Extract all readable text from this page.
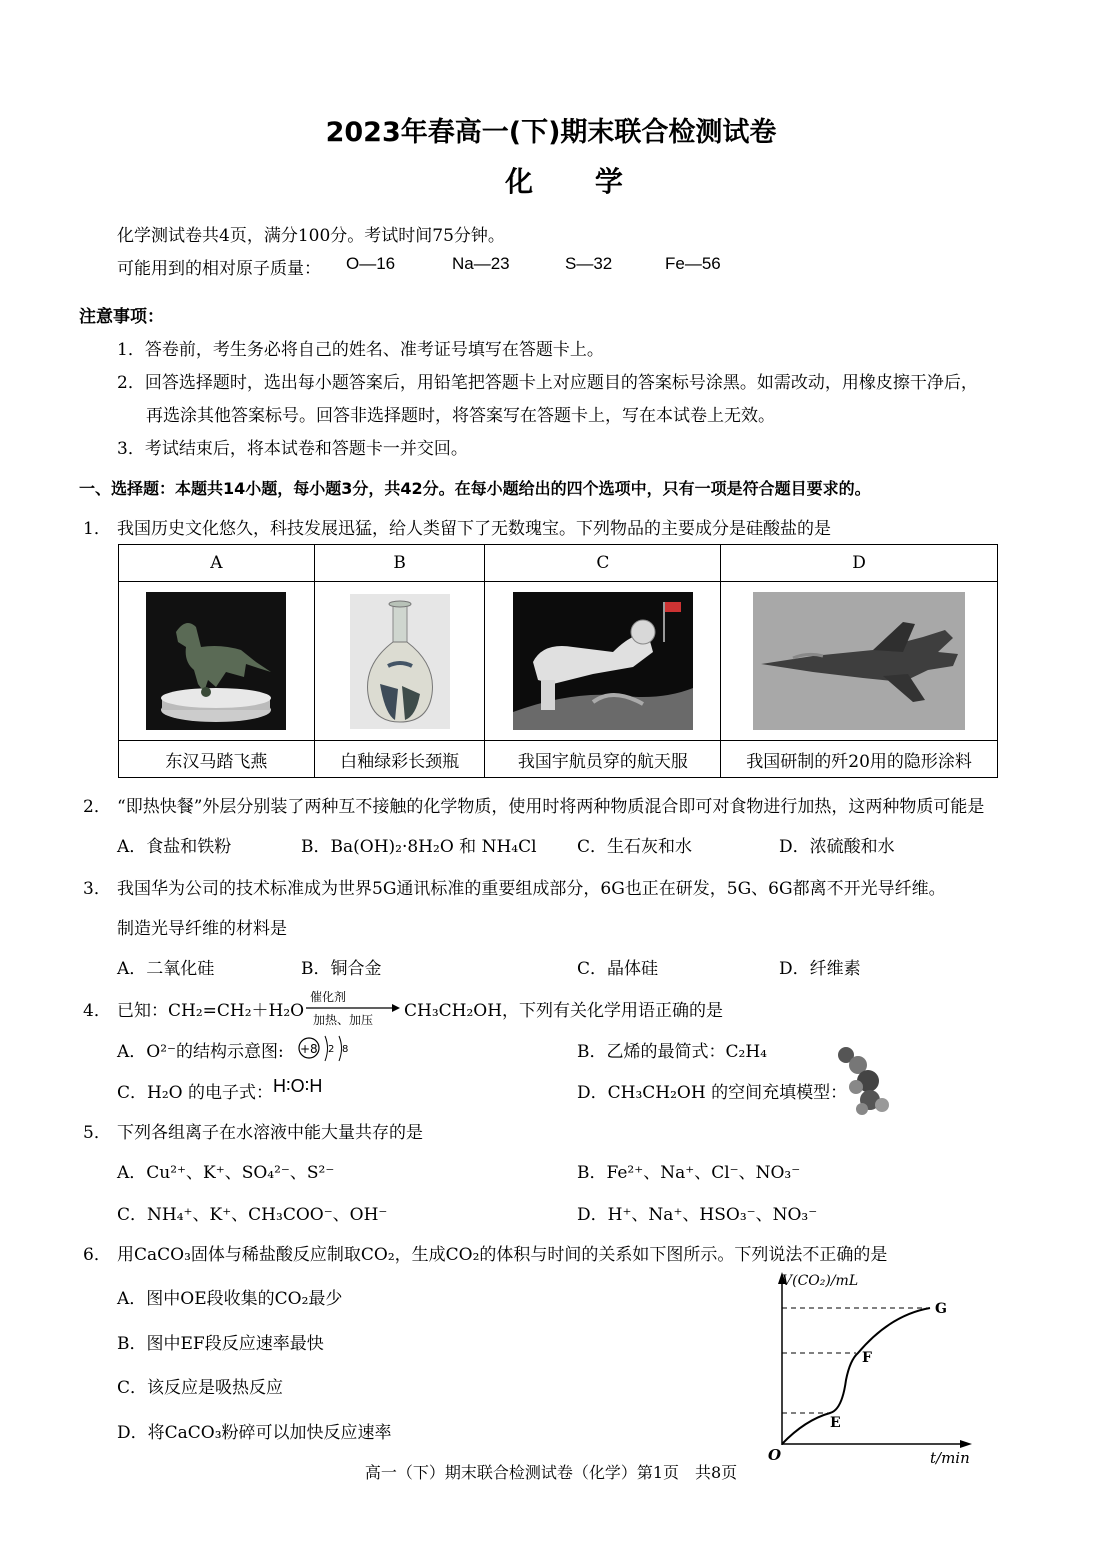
2023年春高一(下)期末联合检测试卷
化 学
化学测试卷共4页，满分100分。考试时间75分钟。
可能用到的相对原子质量： O—16	Na—23	S—32	Fe—56
注意事项：
1．答卷前，考生务必将自己的姓名、准考证号填写在答题卡上。
2．回答选择题时，选出每小题答案后，用铅笔把答题卡上对应题目的答案标号涂黑。如需改动，用橡皮擦干净后，
再选涂其他答案标号。回答非选择题时，将答案写在答题卡上，写在本试卷上无效。
3．考试结束后，将本试卷和答题卡一并交回。
一、选择题：本题共14小题，每小题3分，共42分。在每小题给出的四个选项中，只有一项是符合题目要求的。
1． 我国历史文化悠久，科技发展迅猛，给人类留下了无数瑰宝。下列物品的主要成分是硅酸盐的是
A	B	C	D

东汉马踏飞燕	白釉绿彩长颈瓶	我国宇航员穿的航天服	我国研制的歼20用的隐形涂料
2． “即热快餐”外层分别装了两种互不接触的化学物质，使用时将两种物质混合即可对食物进行加热，这两种物质可能是
A．食盐和铁粉	B．Ba(OH)₂·8H₂O 和 NH₄Cl C．生石灰和水	D．浓硫酸和水
3． 我国华为公司的技术标准成为世界5G通讯标准的重要组成部分，6G也正在研发，5G、6G都离不开光导纤维。
制造光导纤维的材料是
A．二氧化硅	B．铜合金	C．晶体硅	D．纤维素
4． 已知：CH₂=CH₂＋H₂O
催化剂
加热、加压 CH₃CH₂OH，下列有关化学用语正确的是
A．O²⁻的结构示意图: +8 2 8	B．乙烯的最简式：C₂H₄
C．H₂O 的电子式： H∶O∶H	D．CH₃CH₂OH 的空间充填模型：
5． 下列各组离子在水溶液中能大量共存的是
A．Cu²⁺、K⁺、SO₄²⁻、S²⁻	B．Fe²⁺、Na⁺、Cl⁻、NO₃⁻
C．NH₄⁺、K⁺、CH₃COO⁻、OH⁻	D．H⁺、Na⁺、HSO₃⁻、NO₃⁻
6． 用CaCO₃固体与稀盐酸反应制取CO₂，生成CO₂的体积与时间的关系如下图所示。下列说法不正确的是
A．图中OE段收集的CO₂最少
B．图中EF段反应速率最快
C．该反应是吸热反应
D．将CaCO₃粉碎可以加快反应速率
V(CO₂)/mL
t/min
O
E
F
G
高一（下）期末联合检测试卷（化学）第1页　共8页
